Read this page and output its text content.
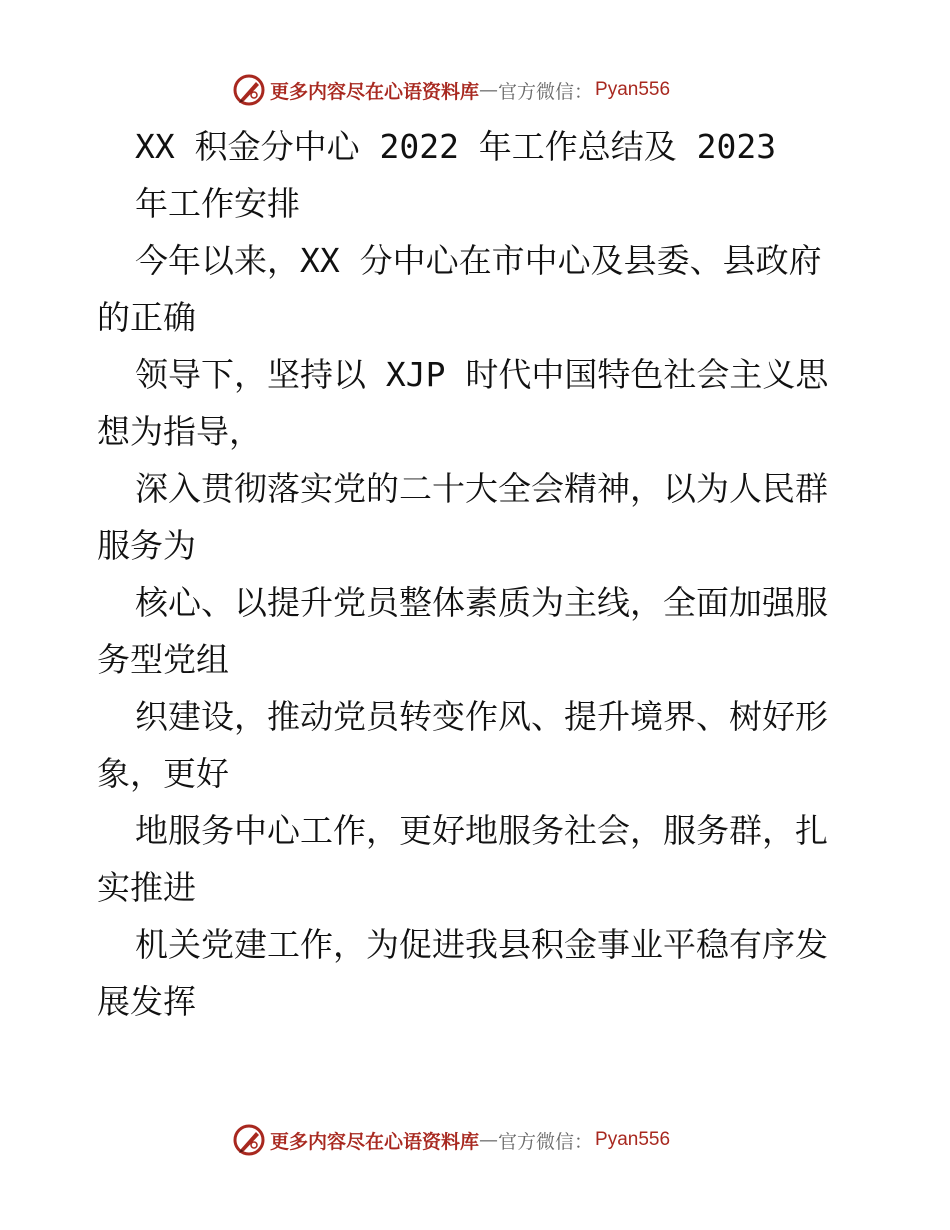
更多内容尽在心语资料库 — 官方微信： Pyan556
XX 积金分中心 2022 年工作总结及 2023
年工作安排
今年以来，XX 分中心在市中心及县委、县政府
的正确
领导下，坚持以 XJP 时代中国特色社会主义思
想为指导，
深入贯彻落实党的二十大全会精神，以为人民群
服务为
核心、以提升党员整体素质为主线，全面加强服
务型党组
织建设，推动党员转变作风、提升境界、树好形
象，更好
地服务中心工作，更好地服务社会，服务群，扎
实推进
机关党建工作，为促进我县积金事业平稳有序发
展发挥
更多内容尽在心语资料库 — 官方微信： Pyan556
